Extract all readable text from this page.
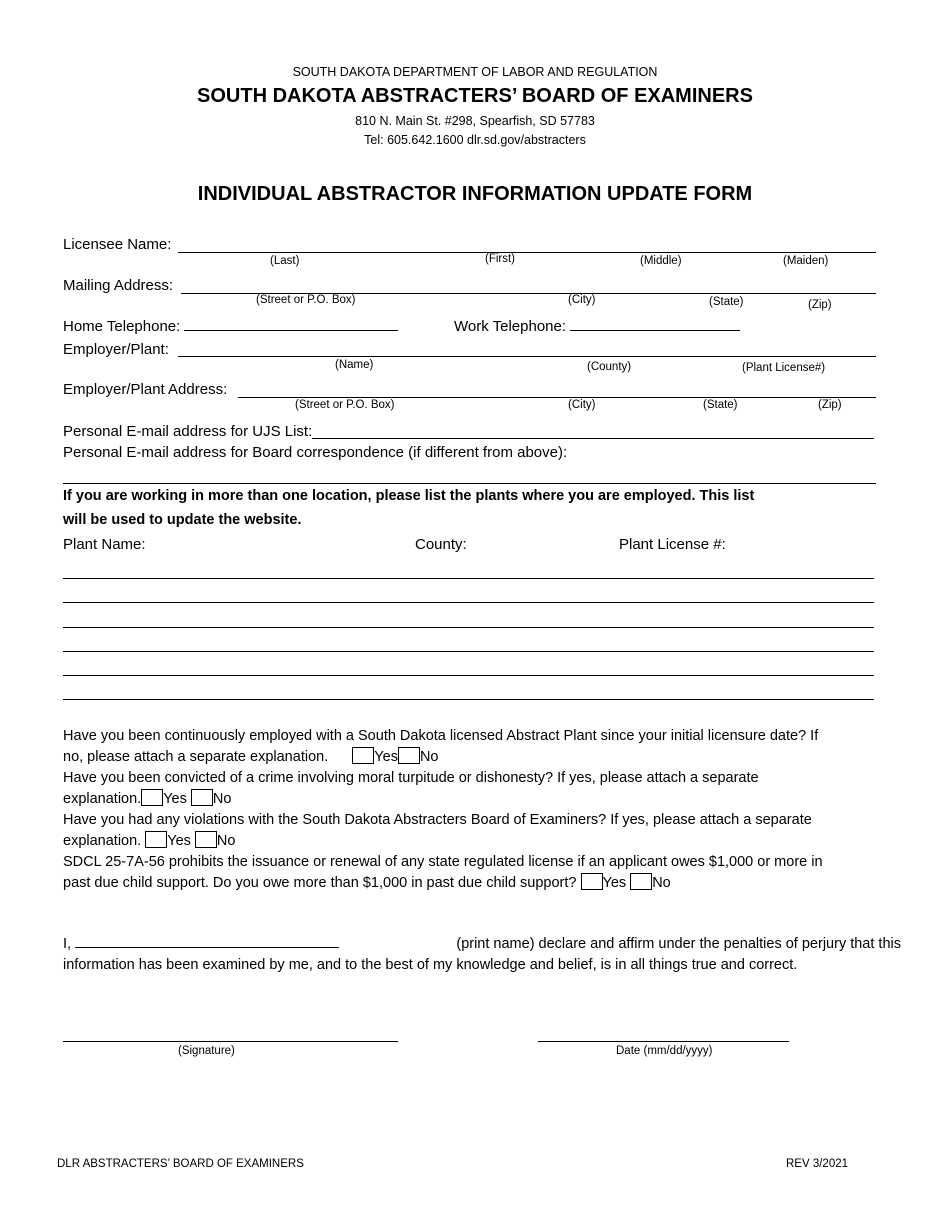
SOUTH DAKOTA DEPARTMENT OF LABOR AND REGULATION
SOUTH DAKOTA ABSTRACTERS’ BOARD OF EXAMINERS
810 N. Main St. #298, Spearfish, SD 57783
Tel: 605.642.1600 dlr.sd.gov/abstracters
INDIVIDUAL ABSTRACTOR INFORMATION UPDATE FORM
Licensee Name:
(Last)	(First)	(Middle)	(Maiden)
Mailing Address:
(Street or P.O. Box)	(City)	(State)	(Zip)
Home Telephone:	Work Telephone:
Employer/Plant:
(Name)	(County)	(Plant License#)
Employer/Plant Address:
(Street or P.O. Box)	(City)	(State)	(Zip)
Personal E-mail address for UJS List:
Personal E-mail address for Board correspondence (if different from above):
If you are working in more than one location, please list the plants where you are employed. This list
will be used to update the website.
Plant Name:	County:	Plant License #:
Have you been continuously employed with a South Dakota licensed Abstract Plant since your initial licensure date? If
no, please attach a separate explanation.	Yes No
Have you been convicted of a crime involving moral turpitude or dishonesty? If yes, please attach a separate
explanation. Yes No
Have you had any violations with the South Dakota Abstracters Board of Examiners? If yes, please attach a separate
explanation. Yes No
SDCL 25-7A-56 prohibits the issuance or renewal of any state regulated license if an applicant owes $1,000 or more in
past due child support. Do you owe more than $1,000 in past due child support? Yes No
I,	(print name) declare and affirm under the penalties of perjury that this
information has been examined by me, and to the best of my knowledge and belief, is in all things true and correct.
(Signature)	Date (mm/dd/yyyy)
DLR ABSTRACTERS’ BOARD OF EXAMINERS	REV 3/2021
